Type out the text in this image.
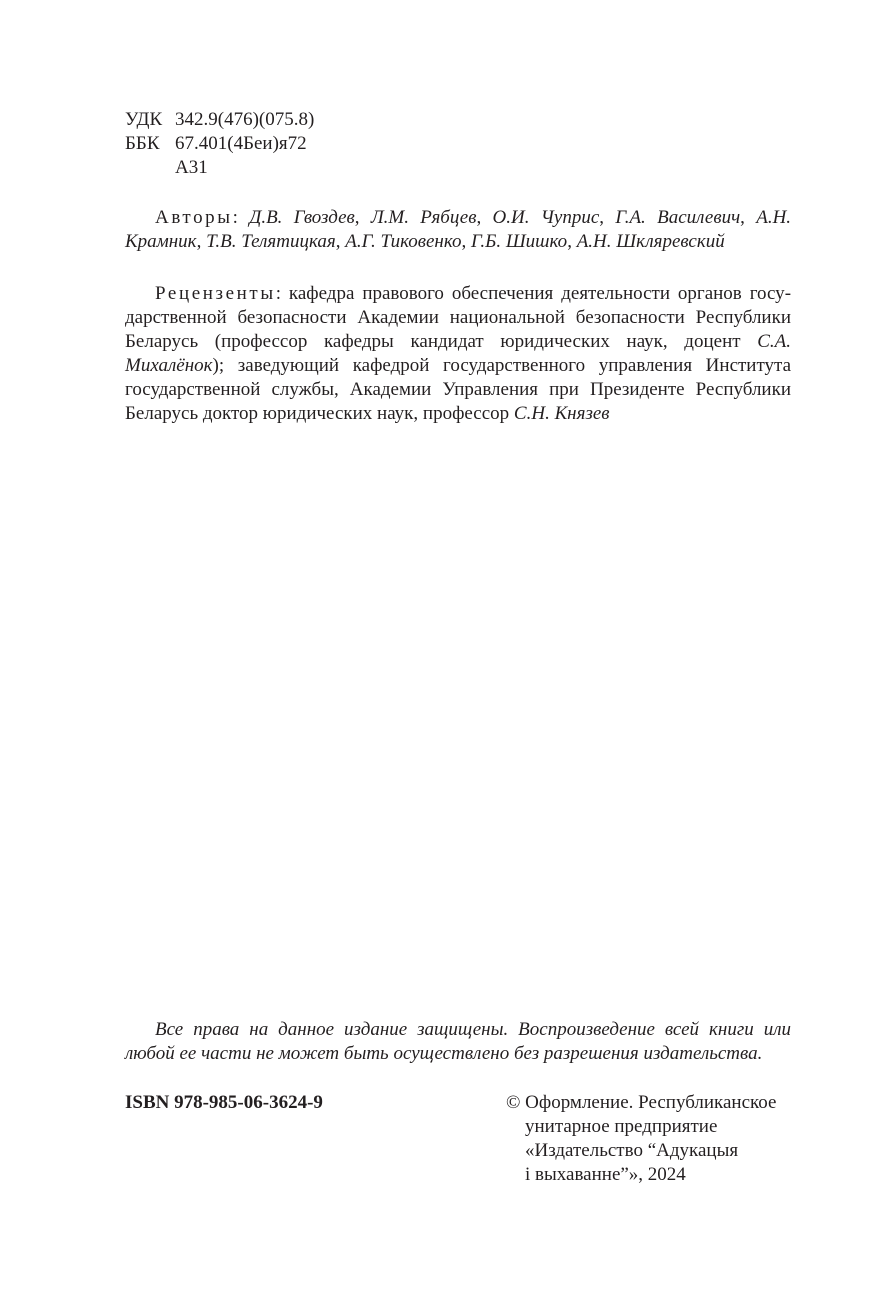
УДК 342.9(476)(075.8)
ББК 67.401(4Беи)я72
А31

Авторы: Д.В. Гвоздев, Л.М. Рябцев, О.И. Чуприс, Г.А. Василевич, А.Н. Крамник, Т.В. Телятицкая, А.Г. Тиковенко, Г.Б. Шишко, А.Н. Шкляревский

Рецензенты: кафедра правового обеспечения деятельности органов государственной безопасности Академии национальной безопасности Республики Беларусь (профессор кафедры кандидат юридических наук, доцент С.А. Михалёнок); заведующий кафедрой государственного управления Института государственной службы, Академии Управления при Президенте Республики Беларусь доктор юридических наук, профессор С.Н. Князев

Все права на данное издание защищены. Воспроизведение всей книги или любой ее части не может быть осуществлено без разрешения издательства.

ISBN 978-985-06-3624-9	© Оформление. Республиканское
унитарное предприятие
«Издательство “Адукацыя
і выхаванне”», 2024
